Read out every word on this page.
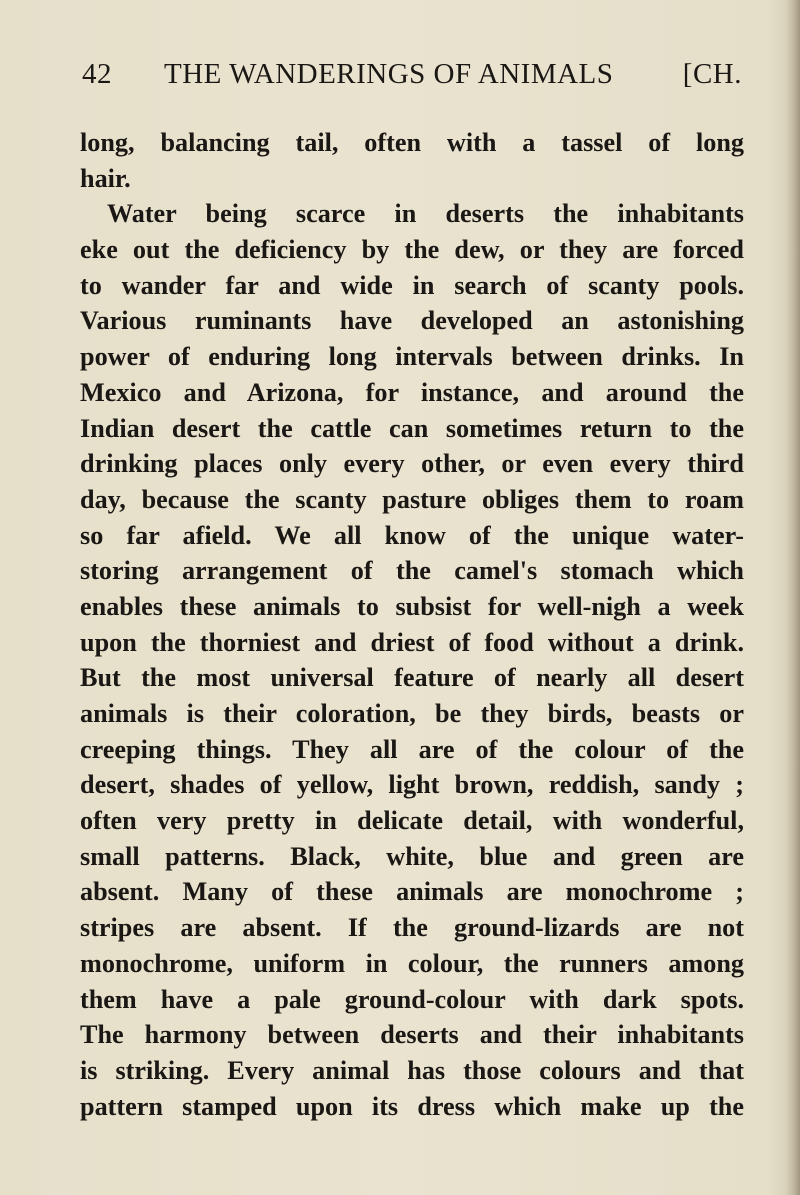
42 THE WANDERINGS OF ANIMALS [CH.
long, balancing tail, often with a tassel of long
hair.
Water being scarce in deserts the inhabitants
eke out the deficiency by the dew, or they are forced
to wander far and wide in search of scanty pools.
Various ruminants have developed an astonishing
power of enduring long intervals between drinks. In
Mexico and Arizona, for instance, and around the
Indian desert the cattle can sometimes return to the
drinking places only every other, or even every third
day, because the scanty pasture obliges them to roam
so far afield. We all know of the unique water-
storing arrangement of the camel's stomach which
enables these animals to subsist for well-nigh a week
upon the thorniest and driest of food without a drink.
But the most universal feature of nearly all desert
animals is their coloration, be they birds, beasts or
creeping things. They all are of the colour of the
desert, shades of yellow, light brown, reddish, sandy ;
often very pretty in delicate detail, with wonderful,
small patterns. Black, white, blue and green are
absent. Many of these animals are monochrome ;
stripes are absent. If the ground-lizards are not
monochrome, uniform in colour, the runners among
them have a pale ground-colour with dark spots.
The harmony between deserts and their inhabitants
is striking. Every animal has those colours and that
pattern stamped upon its dress which make up the
